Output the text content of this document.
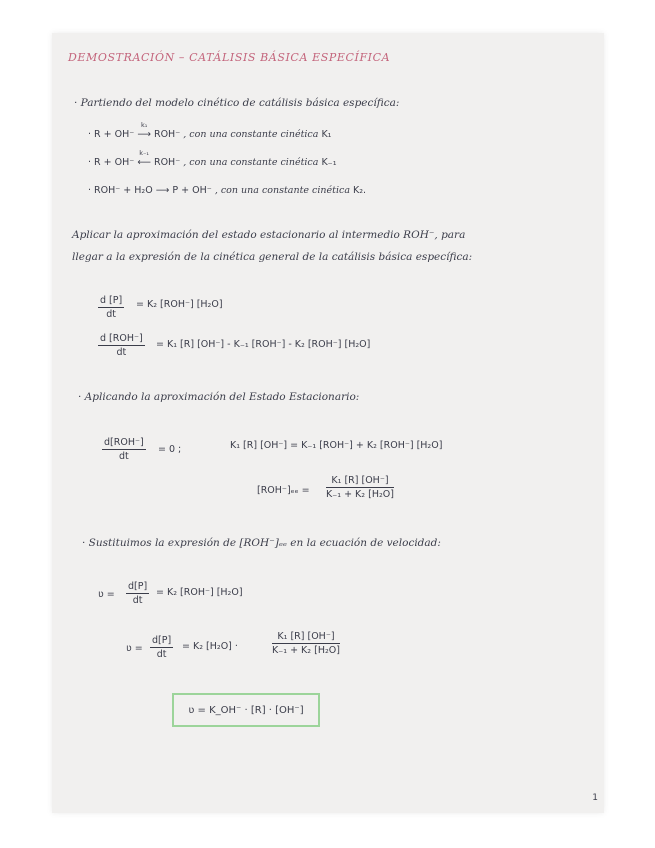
DEMOSTRACIÓN – CATÁLISIS BÁSICA ESPECÍFICA
· Partiendo del modelo cinético de catálisis básica específica:
· R + OH⁻
k₁
⟶ ROH⁻ , con una constante cinética K₁
· R + OH⁻
k₋₁
⟵ ROH⁻ , con una constante cinética K₋₁
· ROH⁻ + H₂O ⟶ P + OH⁻ , con una constante cinética K₂.
Aplicar la aproximación del estado estacionario al intermedio ROH⁻, para
llegar a la expresión de la cinética general de la catálisis básica específica:
d [P]
dt
= K₂ [ROH⁻] [H₂O]
d [ROH⁻]
dt
= K₁ [R] [OH⁻] - K₋₁ [ROH⁻] - K₂ [ROH⁻] [H₂O]
· Aplicando la aproximación del Estado Estacionario:
d[ROH⁻]
dt
= 0 ;	K₁ [R] [OH⁻] = K₋₁ [ROH⁻] + K₂ [ROH⁻] [H₂O]
[ROH⁻]ₑₑ =
K₁ [R] [OH⁻]
K₋₁ + K₂ [H₂O]
· Sustituimos la expresión de [ROH⁻]ₑₑ en la ecuación de velocidad:
ʋ =
d[P]
dt
= K₂ [ROH⁻] [H₂O]
ʋ =
d[P]
dt
= K₂ [H₂O] ·
K₁ [R] [OH⁻]
K₋₁ + K₂ [H₂O]
ʋ = K_OH⁻ · [R] · [OH⁻]
1
